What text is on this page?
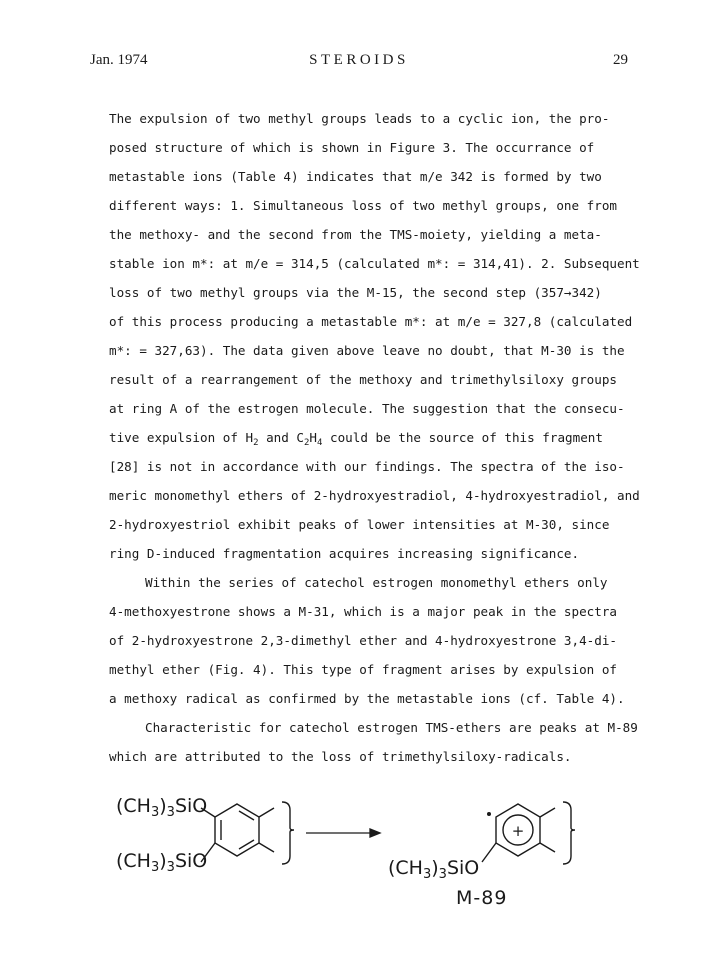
Jan. 1974	STEROIDS	29
The expulsion of two methyl groups leads to a cyclic ion, the pro-
posed structure of which is shown in Figure 3. The occurrance of
metastable ions (Table 4) indicates that m/e 342 is formed by two
different ways: 1. Simultaneous loss of two methyl groups, one from
the methoxy- and the second from the TMS-moiety, yielding a meta-
stable ion m*: at m/e = 314,5 (calculated m*: = 314,41). 2. Subsequent
loss of two methyl groups via the M-15, the second step (357→342)
of this process producing a metastable m*: at m/e = 327,8 (calculated
m*: = 327,63). The data given above leave no doubt, that M-30 is the
result of a rearrangement of the methoxy and trimethylsiloxy groups
at ring A of the estrogen molecule. The suggestion that the consecu-
tive expulsion of $H_2$ and $C_2H_4$ could be the source of this fragment
[28] is not in accordance with our findings. The spectra of the iso-
meric monomethyl ethers of 2-hydroxyestradiol, 4-hydroxyestradiol, and
2-hydroxyestriol exhibit peaks of lower intensities at M-30, since
ring D-induced fragmentation acquires increasing significance.
Within the series of catechol estrogen monomethyl ethers only
4-methoxyestrone shows a M-31, which is a major peak in the spectra
of 2-hydroxyestrone 2,3-dimethyl ether and 4-hydroxyestrone 3,4-di-
methyl ether (Fig. 4). This type of fragment arises by expulsion of
a methoxy radical as confirmed by the metastable ions (cf. Table 4).
Characteristic for catechol estrogen TMS-ethers are peaks at M-89
which are attributed to the loss of trimethylsiloxy-radicals.
$(CH_3)_3SiO$
$(CH_3)_3SiO$
+
$(CH_3)_3SiO$
M-89
